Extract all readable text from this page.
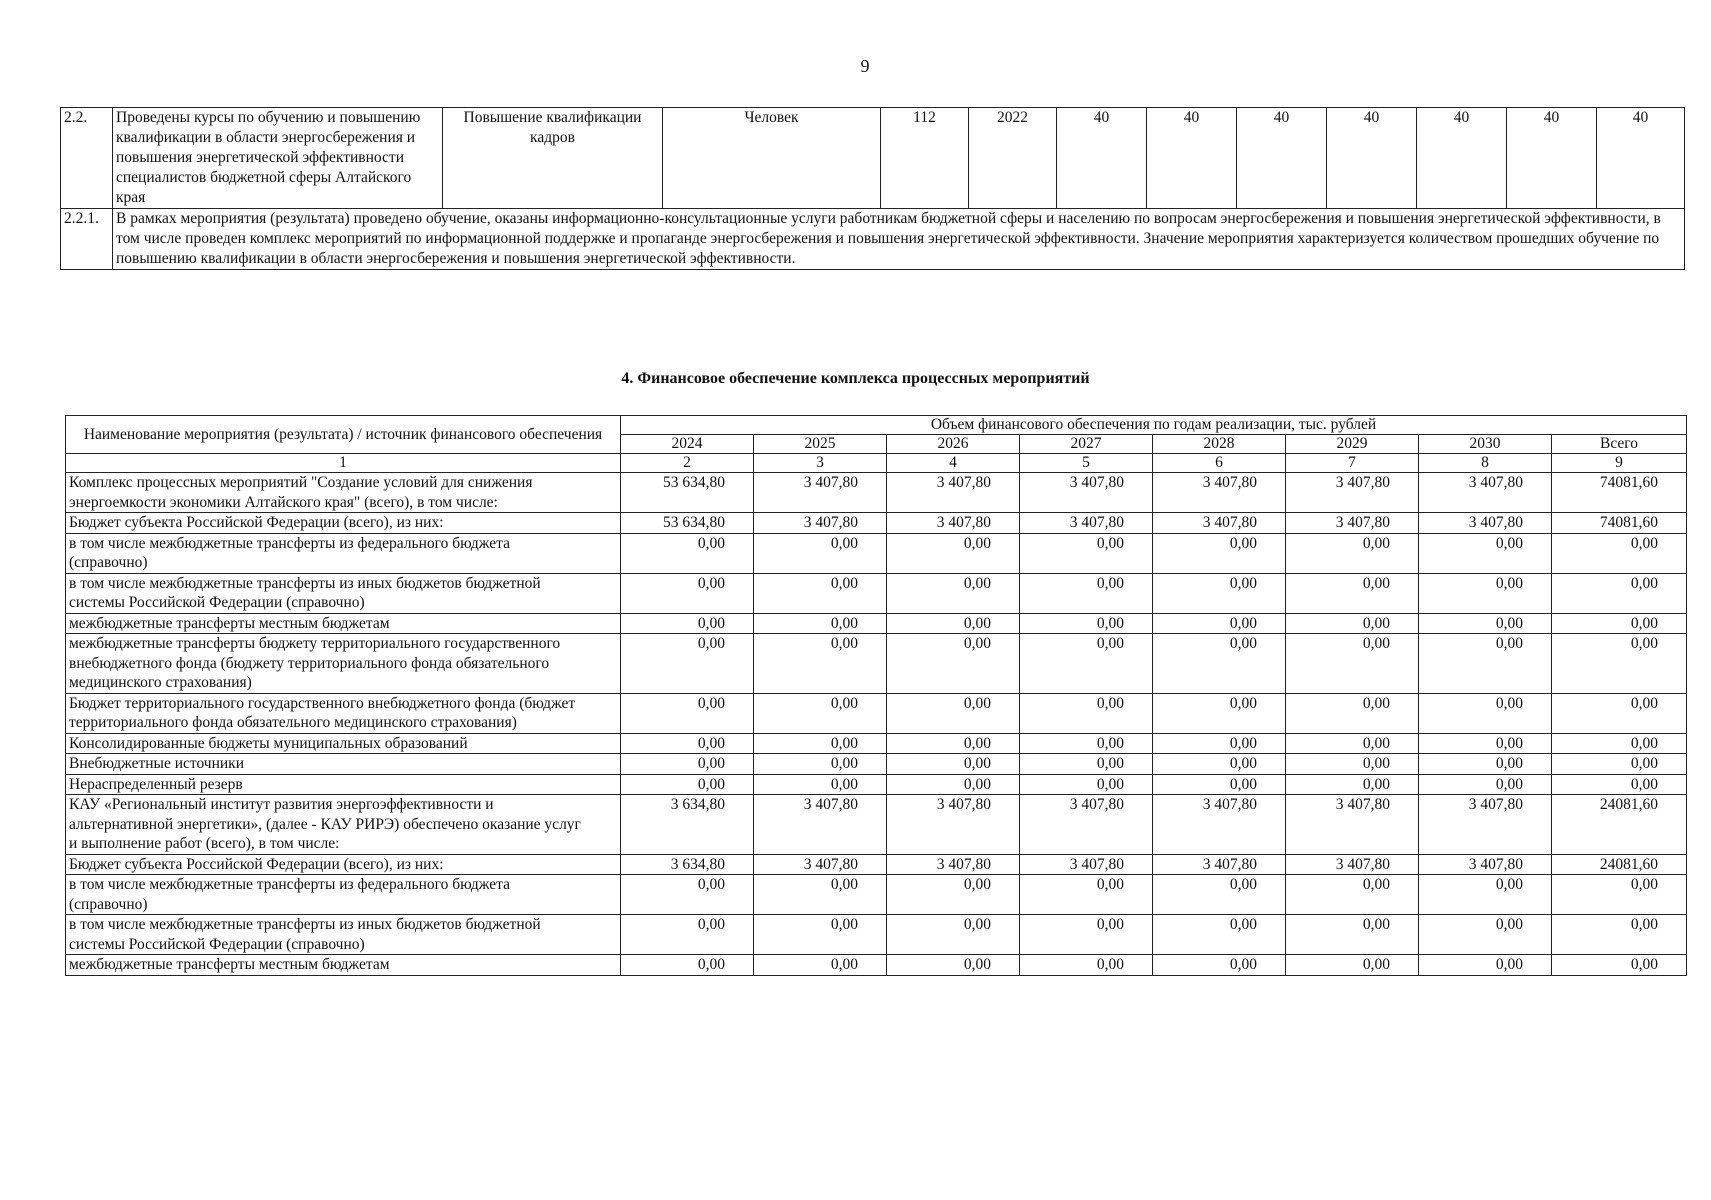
9
2.2.	Проведены курсы по обучению и повышению квалификации в области энергосбережения и повышения энергетической эффективности специалистов бюджетной сферы Алтайского края	Повышение квалификации кадров	Человек	112	2022	40	40	40	40	40	40	40
2.2.1.	В рамках мероприятия (результата) проведено обучение, оказаны информационно-консультационные услуги работникам бюджетной сферы и населению по вопросам энергосбережения и повышения энергетической эффективности, в том числе проведен комплекс мероприятий по информационной поддержке и пропаганде энергосбережения и повышения энергетической эффективности. Значение мероприятия характеризуется количеством прошедших обучение по повышению квалификации в области энергосбережения и повышения энергетической эффективности.											
4. Финансовое обеспечение комплекса процессных мероприятий
Наименование мероприятия (результата) / источник финансового обеспечения	Объем финансового обеспечения по годам реализации, тыс. рублей							
	2024	2025	2026	2027	2028	2029	2030	Всего
1	2	3	4	5	6	7	8	9
Комплекс процессных мероприятий "Создание условий для снижения энергоемкости экономики Алтайского края" (всего), в том числе:	53 634,80	3 407,80	3 407,80	3 407,80	3 407,80	3 407,80	3 407,80	74081,60
Бюджет субъекта Российской Федерации (всего), из них:	53 634,80	3 407,80	3 407,80	3 407,80	3 407,80	3 407,80	3 407,80	74081,60
в том числе межбюджетные трансферты из федерального бюджета (справочно)	0,00	0,00	0,00	0,00	0,00	0,00	0,00	0,00
в том числе межбюджетные трансферты из иных бюджетов бюджетной системы Российской Федерации (справочно)	0,00	0,00	0,00	0,00	0,00	0,00	0,00	0,00
межбюджетные трансферты местным бюджетам	0,00	0,00	0,00	0,00	0,00	0,00	0,00	0,00
межбюджетные трансферты бюджету территориального государственного внебюджетного фонда (бюджету территориального фонда обязательного медицинского страхования)	0,00	0,00	0,00	0,00	0,00	0,00	0,00	0,00
Бюджет территориального государственного внебюджетного фонда (бюджет территориального фонда обязательного медицинского страхования)	0,00	0,00	0,00	0,00	0,00	0,00	0,00	0,00
Консолидированные бюджеты муниципальных образований	0,00	0,00	0,00	0,00	0,00	0,00	0,00	0,00
Внебюджетные источники	0,00	0,00	0,00	0,00	0,00	0,00	0,00	0,00
Нераспределенный резерв	0,00	0,00	0,00	0,00	0,00	0,00	0,00	0,00
КАУ «Региональный институт развития энергоэффективности и альтернативной энергетики», (далее - КАУ РИРЭ) обеспечено оказание услуг и выполнение работ (всего), в том числе:	3 634,80	3 407,80	3 407,80	3 407,80	3 407,80	3 407,80	3 407,80	24081,60
Бюджет субъекта Российской Федерации (всего), из них:	3 634,80	3 407,80	3 407,80	3 407,80	3 407,80	3 407,80	3 407,80	24081,60
в том числе межбюджетные трансферты из федерального бюджета (справочно)	0,00	0,00	0,00	0,00	0,00	0,00	0,00	0,00
в том числе межбюджетные трансферты из иных бюджетов бюджетной системы Российской Федерации (справочно)	0,00	0,00	0,00	0,00	0,00	0,00	0,00	0,00
межбюджетные трансферты местным бюджетам	0,00	0,00	0,00	0,00	0,00	0,00	0,00	0,00
